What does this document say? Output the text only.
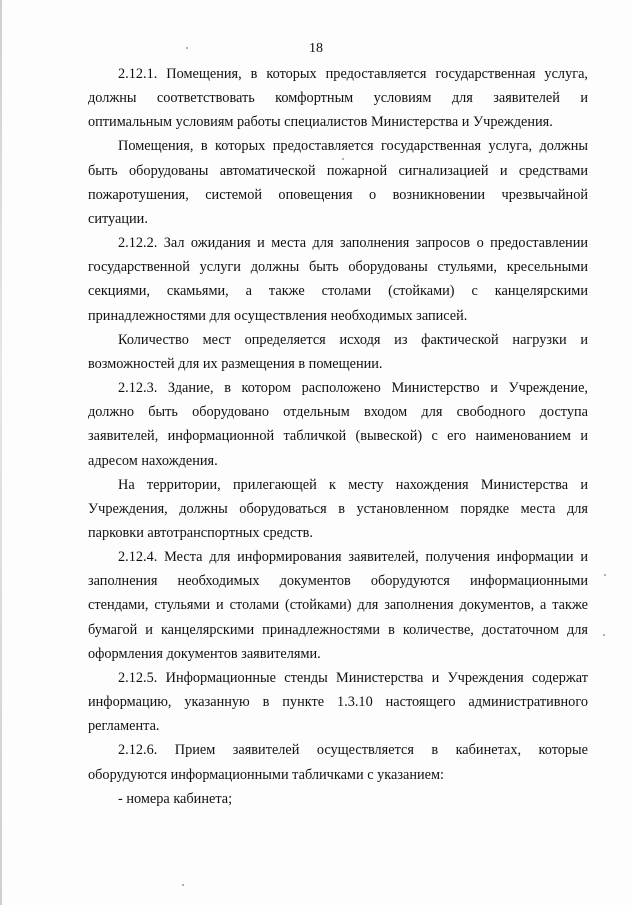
18

2.12.1. Помещения, в которых предоставляется государственная услуга,
должны соответствовать комфортным условиям для заявителей и
оптимальным условиям работы специалистов Министерства и Учреждения.

Помещения, в которых предоставляется государственная услуга, должны
быть оборудованы автоматической пожарной сигнализацией и средствами
пожаротушения, системой оповещения о возникновении чрезвычайной
ситуации.

2.12.2. Зал ожидания и места для заполнения запросов о предоставлении
государственной услуги должны быть оборудованы стульями, кресельными
секциями, скамьями, а также столами (стойками) с канцелярскими
принадлежностями для осуществления необходимых записей.

Количество мест определяется исходя из фактической нагрузки и
возможностей для их размещения в помещении.

2.12.3. Здание, в котором расположено Министерство и Учреждение,
должно быть оборудовано отдельным входом для свободного доступа
заявителей, информационной табличкой (вывеской) с его наименованием и
адресом нахождения.

На территории, прилегающей к месту нахождения Министерства и
Учреждения, должны оборудоваться в установленном порядке места для
парковки автотранспортных средств.

2.12.4. Места для информирования заявителей, получения информации и
заполнения необходимых документов оборудуются информационными
стендами, стульями и столами (стойками) для заполнения документов, а также
бумагой и канцелярскими принадлежностями в количестве, достаточном для
оформления документов заявителями.

2.12.5. Информационные стенды Министерства и Учреждения содержат
информацию, указанную в пункте 1.3.10 настоящего административного
регламента.

2.12.6. Прием заявителей осуществляется в кабинетах, которые
оборудуются информационными табличками с указанием:

- номера кабинета;
